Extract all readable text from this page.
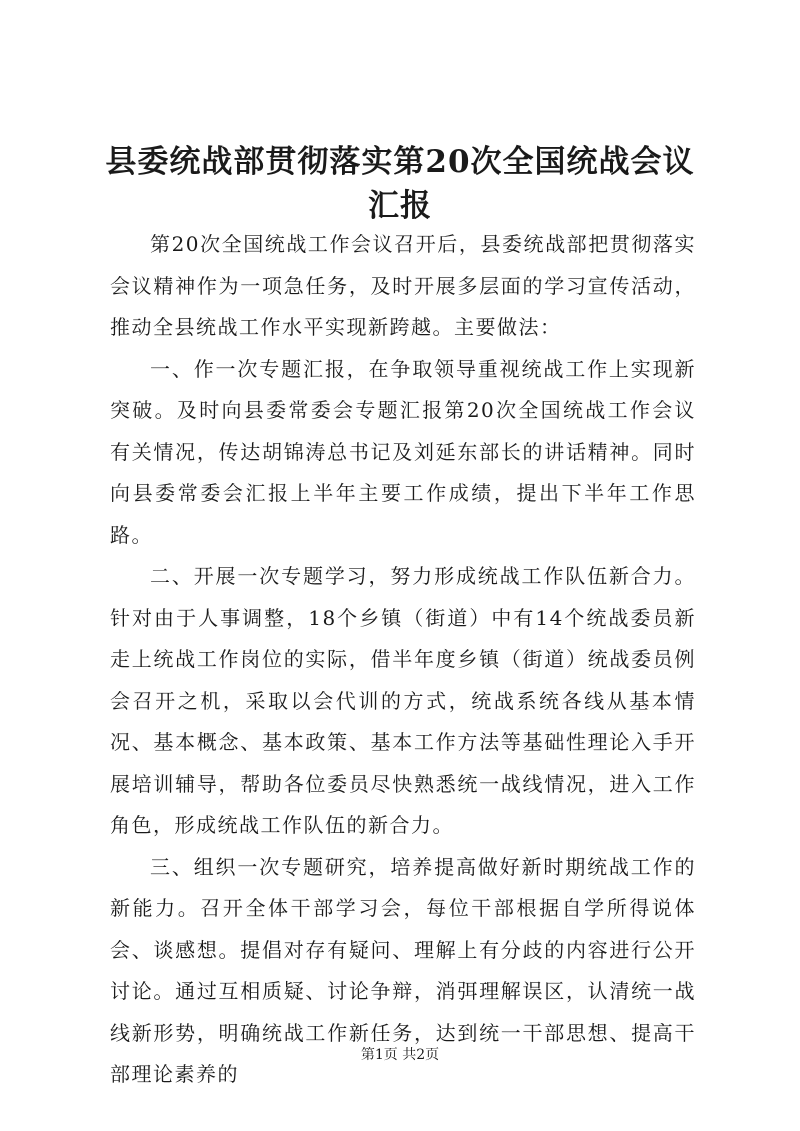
县委统战部贯彻落实第20次全国统战会议汇报

第20次全国统战工作会议召开后，县委统战部把贯彻落实会议精神作为一项急任务，及时开展多层面的学习宣传活动，推动全县统战工作水平实现新跨越。主要做法：

一、作一次专题汇报，在争取领导重视统战工作上实现新突破。及时向县委常委会专题汇报第20次全国统战工作会议有关情况，传达胡锦涛总书记及刘延东部长的讲话精神。同时向县委常委会汇报上半年主要工作成绩，提出下半年工作思路。

二、开展一次专题学习，努力形成统战工作队伍新合力。针对由于人事调整，18个乡镇（街道）中有14个统战委员新走上统战工作岗位的实际，借半年度乡镇（街道）统战委员例会召开之机，采取以会代训的方式，统战系统各线从基本情况、基本概念、基本政策、基本工作方法等基础性理论入手开展培训辅导，帮助各位委员尽快熟悉统一战线情况，进入工作角色，形成统战工作队伍的新合力。

三、组织一次专题研究，培养提高做好新时期统战工作的新能力。召开全体干部学习会，每位干部根据自学所得说体会、谈感想。提倡对存有疑问、理解上有分歧的内容进行公开讨论。通过互相质疑、讨论争辩，消弭理解误区，认清统一战线新形势，明确统战工作新任务，达到统一干部思想、提高干部理论素养的

第1页 共2页
